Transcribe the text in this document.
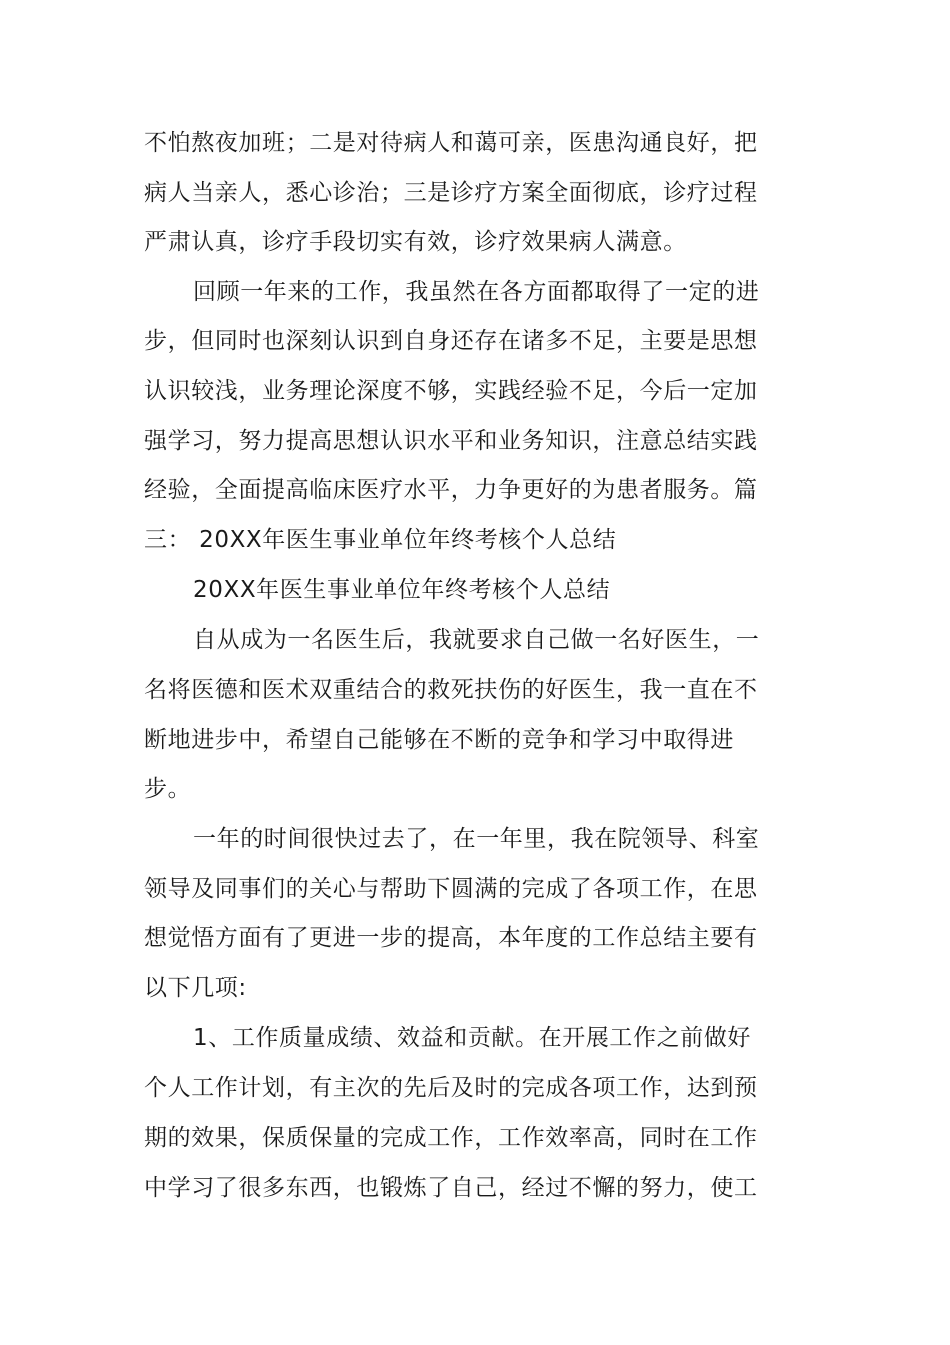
不怕熬夜加班；二是对待病人和蔼可亲，医患沟通良好，把
病人当亲人，悉心诊治；三是诊疗方案全面彻底，诊疗过程
严肃认真，诊疗手段切实有效，诊疗效果病人满意。
回顾一年来的工作，我虽然在各方面都取得了一定的进
步，但同时也深刻认识到自身还存在诸多不足，主要是思想
认识较浅，业务理论深度不够，实践经验不足，今后一定加
强学习，努力提高思想认识水平和业务知识，注意总结实践
经验，全面提高临床医疗水平，力争更好的为患者服务。篇
三： 20XX年医生事业单位年终考核个人总结
20XX年医生事业单位年终考核个人总结
自从成为一名医生后，我就要求自己做一名好医生，一
名将医德和医术双重结合的救死扶伤的好医生，我一直在不
断地进步中，希望自己能够在不断的竞争和学习中取得进
步。
一年的时间很快过去了，在一年里，我在院领导、科室
领导及同事们的关心与帮助下圆满的完成了各项工作，在思
想觉悟方面有了更进一步的提高，本年度的工作总结主要有
以下几项:
1、工作质量成绩、效益和贡献。在开展工作之前做好
个人工作计划，有主次的先后及时的完成各项工作，达到预
期的效果，保质保量的完成工作，工作效率高，同时在工作
中学习了很多东西，也锻炼了自己，经过不懈的努力，使工
